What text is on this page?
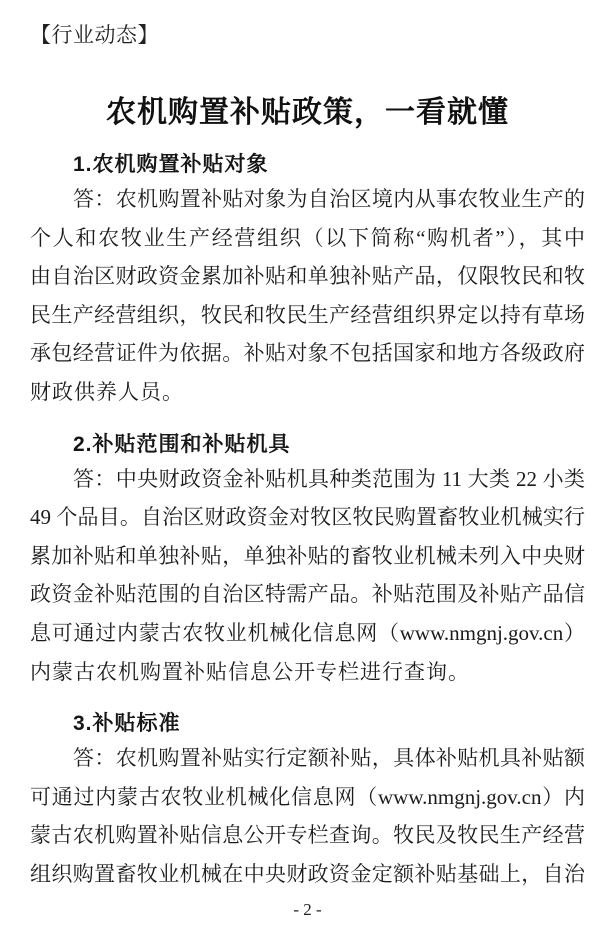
【行业动态】
农机购置补贴政策，一看就懂
1.农机购置补贴对象
答：农机购置补贴对象为自治区境内从事农牧业生产的
个人和农牧业生产经营组织（以下简称“购机者”），其中
由自治区财政资金累加补贴和单独补贴产品，仅限牧民和牧
民生产经营组织，牧民和牧民生产经营组织界定以持有草场
承包经营证件为依据。补贴对象不包括国家和地方各级政府
财政供养人员。
2.补贴范围和补贴机具
答：中央财政资金补贴机具种类范围为 11 大类 22 小类
49 个品目。自治区财政资金对牧区牧民购置畜牧业机械实行
累加补贴和单独补贴，单独补贴的畜牧业机械未列入中央财
政资金补贴范围的自治区特需产品。补贴范围及补贴产品信
息可通过内蒙古农牧业机械化信息网（www.nmgnj.gov.cn）
内蒙古农机购置补贴信息公开专栏进行查询。
3.补贴标准
答：农机购置补贴实行定额补贴，具体补贴机具补贴额
可通过内蒙古农牧业机械化信息网（www.nmgnj.gov.cn）内
蒙古农机购置补贴信息公开专栏查询。牧民及牧民生产经营
组织购置畜牧业机械在中央财政资金定额补贴基础上，自治
- 2 -
